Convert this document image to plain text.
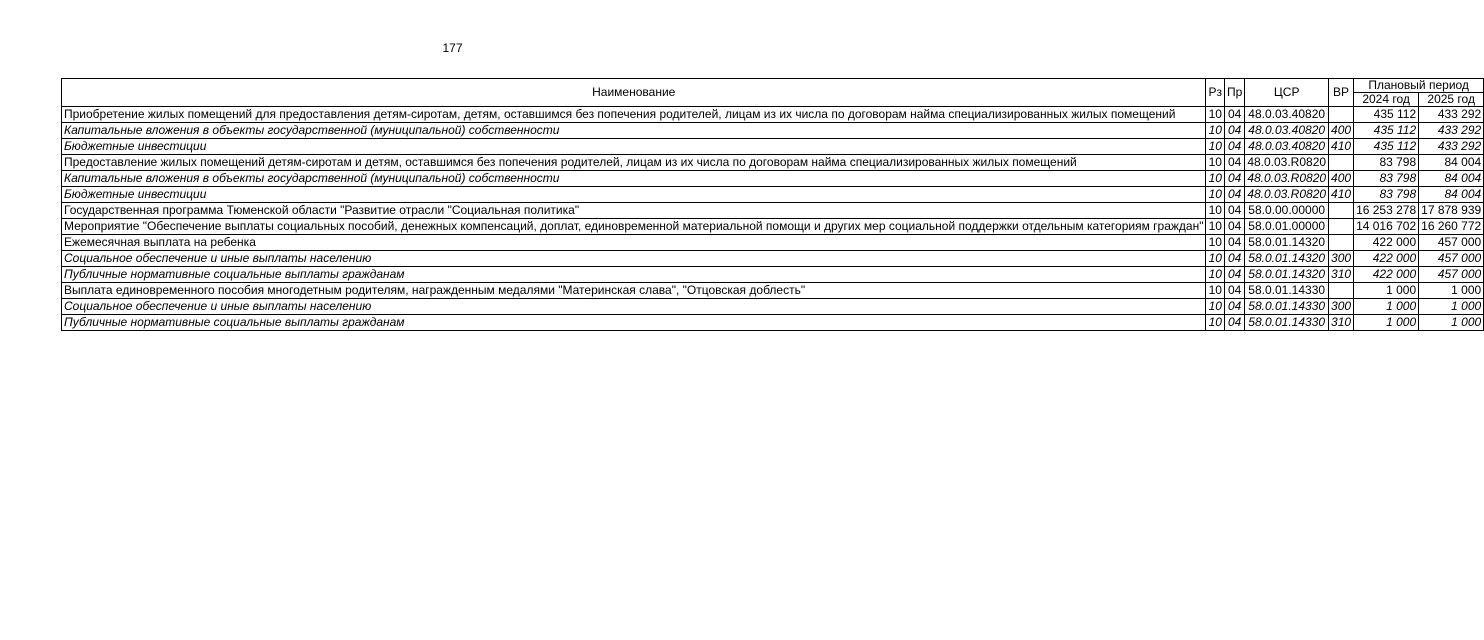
177
Наименование	Рз	Пр	ЦСР	ВР	Плановый период	
					2024 год	2025 год
Приобретение жилых помещений для предоставления детям-сиротам, детям, оставшимся без попечения родителей, лицам из их числа по договорам найма специализированных жилых помещений	10	04	48.0.03.40820		435 112	433 292
Капитальные вложения в объекты государственной (муниципальной) собственности	10	04	48.0.03.40820	400	435 112	433 292
Бюджетные инвестиции	10	04	48.0.03.40820	410	435 112	433 292
Предоставление жилых помещений детям-сиротам и детям, оставшимся без попечения родителей, лицам из их числа по договорам найма специализированных жилых помещений	10	04	48.0.03.R0820		83 798	84 004
Капитальные вложения в объекты государственной (муниципальной) собственности	10	04	48.0.03.R0820	400	83 798	84 004
Бюджетные инвестиции	10	04	48.0.03.R0820	410	83 798	84 004
Государственная программа Тюменской области "Развитие отрасли "Социальная политика"	10	04	58.0.00.00000		16 253 278	17 878 939
Мероприятие "Обеспечение выплаты социальных пособий, денежных компенсаций, доплат, единовременной материальной помощи и других мер социальной поддержки отдельным категориям граждан"	10	04	58.0.01.00000		14 016 702	16 260 772
Ежемесячная выплата на ребенка	10	04	58.0.01.14320		422 000	457 000
Социальное обеспечение и иные выплаты населению	10	04	58.0.01.14320	300	422 000	457 000
Публичные нормативные социальные выплаты гражданам	10	04	58.0.01.14320	310	422 000	457 000
Выплата единовременного пособия многодетным родителям, награжденным медалями "Материнская слава", "Отцовская доблесть"	10	04	58.0.01.14330		1 000	1 000
Социальное обеспечение и иные выплаты населению	10	04	58.0.01.14330	300	1 000	1 000
Публичные нормативные социальные выплаты гражданам	10	04	58.0.01.14330	310	1 000	1 000
